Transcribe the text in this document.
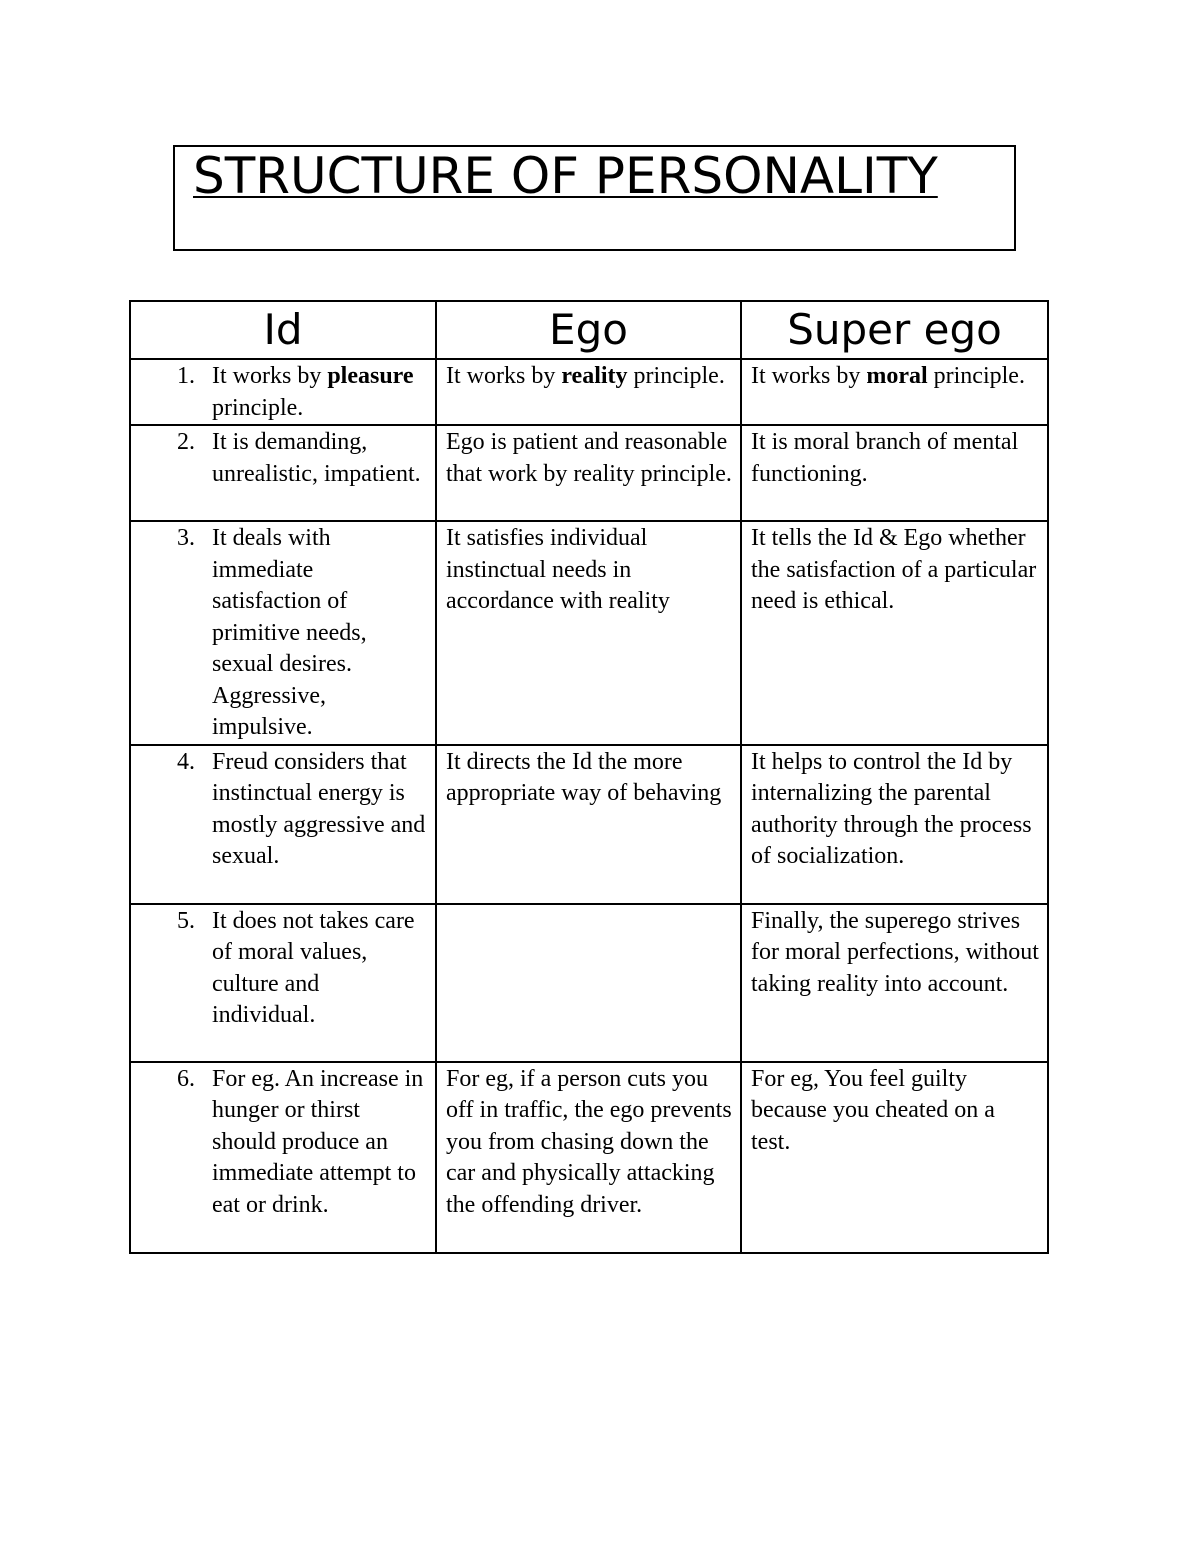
STRUCTURE OF PERSONALITY
Id	Ego	Super ego

1. It works by pleasure principle.	It works by reality principle.	It works by moral principle.

2. It is demanding, unrealistic, impatient.	Ego is patient and reasonable that work by reality principle.	It is moral branch of mental functioning.

3. It deals with immediate satisfaction of primitive needs, sexual desires. Aggressive, impulsive.	It satisfies individual instinctual needs in accordance with reality	It tells the Id & Ego whether the satisfaction of a particular need is ethical.

4. Freud considers that instinctual energy is mostly aggressive and sexual.	It directs the Id the more appropriate way of behaving	It helps to control the Id by internalizing the parental authority through the process of socialization.

5. It does not takes care of moral values, culture and individual.		Finally, the superego strives for moral perfections, without taking reality into account.

6. For eg. An increase in hunger or thirst should produce an immediate attempt to eat or drink.	For eg, if a person cuts you off in traffic, the ego prevents you from chasing down the car and physically attacking the offending driver.	For eg, You feel guilty because you cheated on a test.
